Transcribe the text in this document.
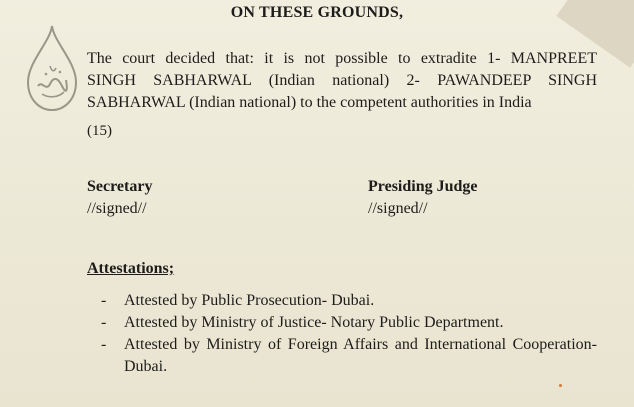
ON THESE GROUNDS,
The court decided that: it is not possible to extradite 1- MANPREET
SINGH SABHARWAL (Indian national) 2- PAWANDEEP SINGH
SABHARWAL (Indian national) to the competent authorities in India
(15)
Secretary
//signed//
Presiding Judge
//signed//
Attestations;
- Attested by Public Prosecution- Dubai.
- Attested by Ministry of Justice- Notary Public Department.
- Attested by Ministry of Foreign Affairs and International Cooperation- Dubai.
